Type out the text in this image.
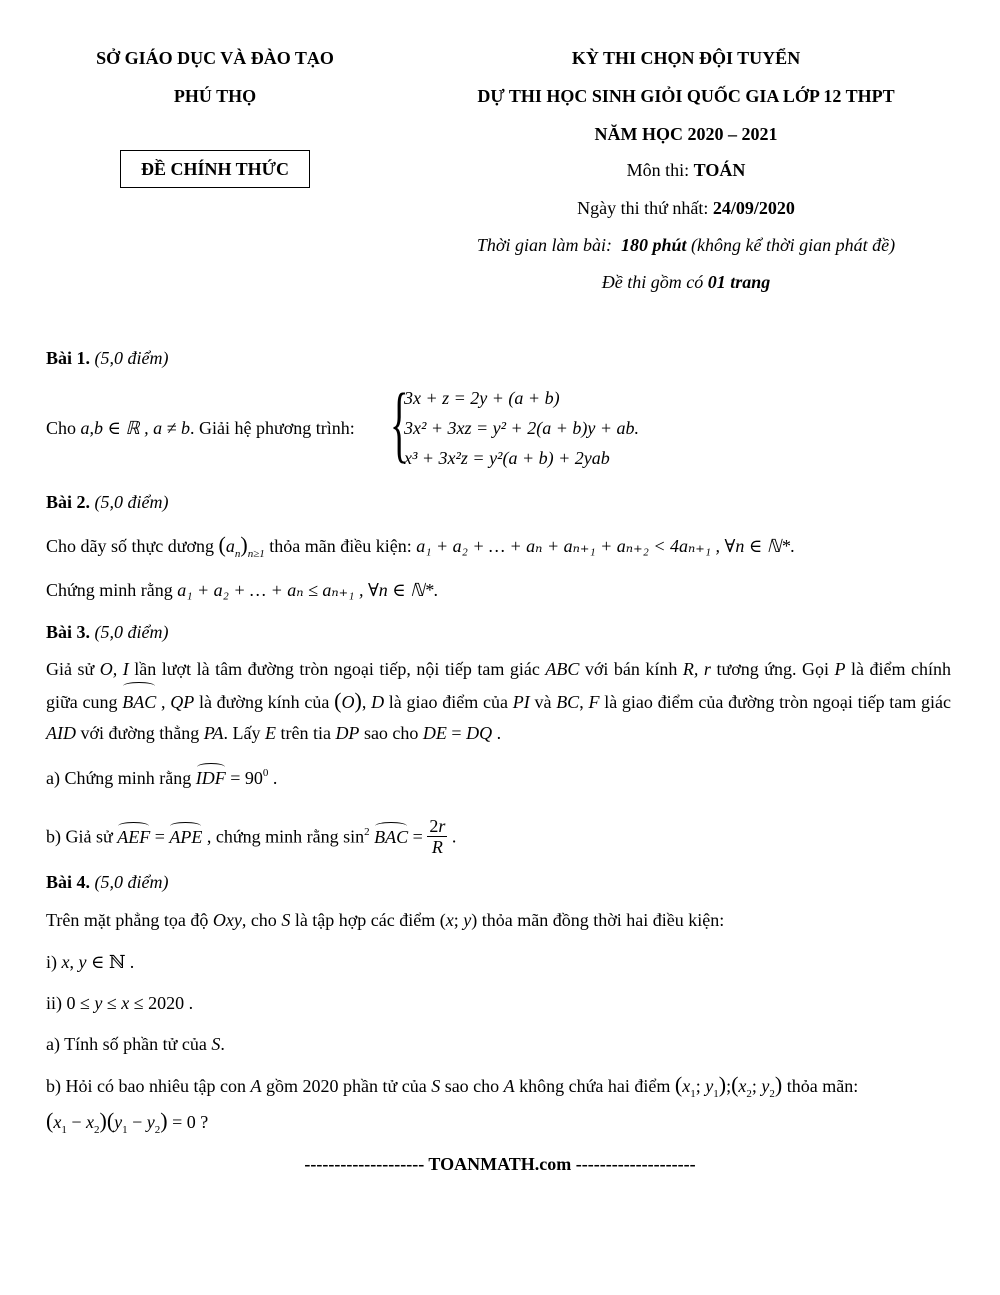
SỞ GIÁO DỤC VÀ ĐÀO TẠO
PHÚ THỌ
ĐỀ CHÍNH THỨC
KỲ THI CHỌN ĐỘI TUYỂN
DỰ THI HỌC SINH GIỎI QUỐC GIA LỚP 12 THPT
NĂM HỌC 2020 – 2021
Môn thi: TOÁN
Ngày thi thứ nhất: 24/09/2020
Thời gian làm bài: 180 phút (không kể thời gian phát đề)
Đề thi gồm có 01 trang
Bài 1. (5,0 điểm)
Cho a,b ∈ ℝ , a ≠ b. Giải hệ phương trình: {
3x + z = 2y + (a + b)
3x² + 3xz = y² + 2(a + b)y + ab.
x³ + 3x²z = y²(a + b) + 2yab
Bài 2. (5,0 điểm)
Cho dãy số thực dương $(a_n)_{n\ge 1}$ thỏa mãn điều kiện: a₁ + a₂ + … + aₙ + aₙ₊₁ + aₙ₊₂ < 4aₙ₊₁ , ∀n ∈ ℕ*.
Chứng minh rằng a₁ + a₂ + … + aₙ ≤ aₙ₊₁ , ∀n ∈ ℕ*.
Bài 3. (5,0 điểm)
Giả sử O, I lần lượt là tâm đường tròn ngoại tiếp, nội tiếp tam giác ABC với bán kính R, r tương ứng. Gọi P là điểm chính giữa cung BAC , QP là đường kính của (O), D là giao điểm của PI và BC, F là giao điểm của đường tròn ngoại tiếp tam giác AID với đường thẳng PA. Lấy E trên tia DP sao cho DE = DQ .
a) Chứng minh rằng IDF = $90^0$ .
b) Giả sử AEF = APE , chứng minh rằng $\sin^2$ BAC = $\frac{2r}{R}$ .
Bài 4. (5,0 điểm)
Trên mặt phẳng tọa độ Oxy, cho S là tập hợp các điểm (x; y) thỏa mãn đồng thời hai điều kiện:
i) x, y ∈ ℕ .
ii) 0 ≤ y ≤ x ≤ 2020 .
a) Tính số phần tử của S.
b) Hỏi có bao nhiêu tập con A gồm 2020 phần tử của S sao cho A không chứa hai điểm ($x_1$; $y_1);(x_2$; $y_2$) thỏa mãn:
$(x_1 - x_2)(y_1 - y_2) = 0$ ?
-------------------- TOANMATH.com --------------------
